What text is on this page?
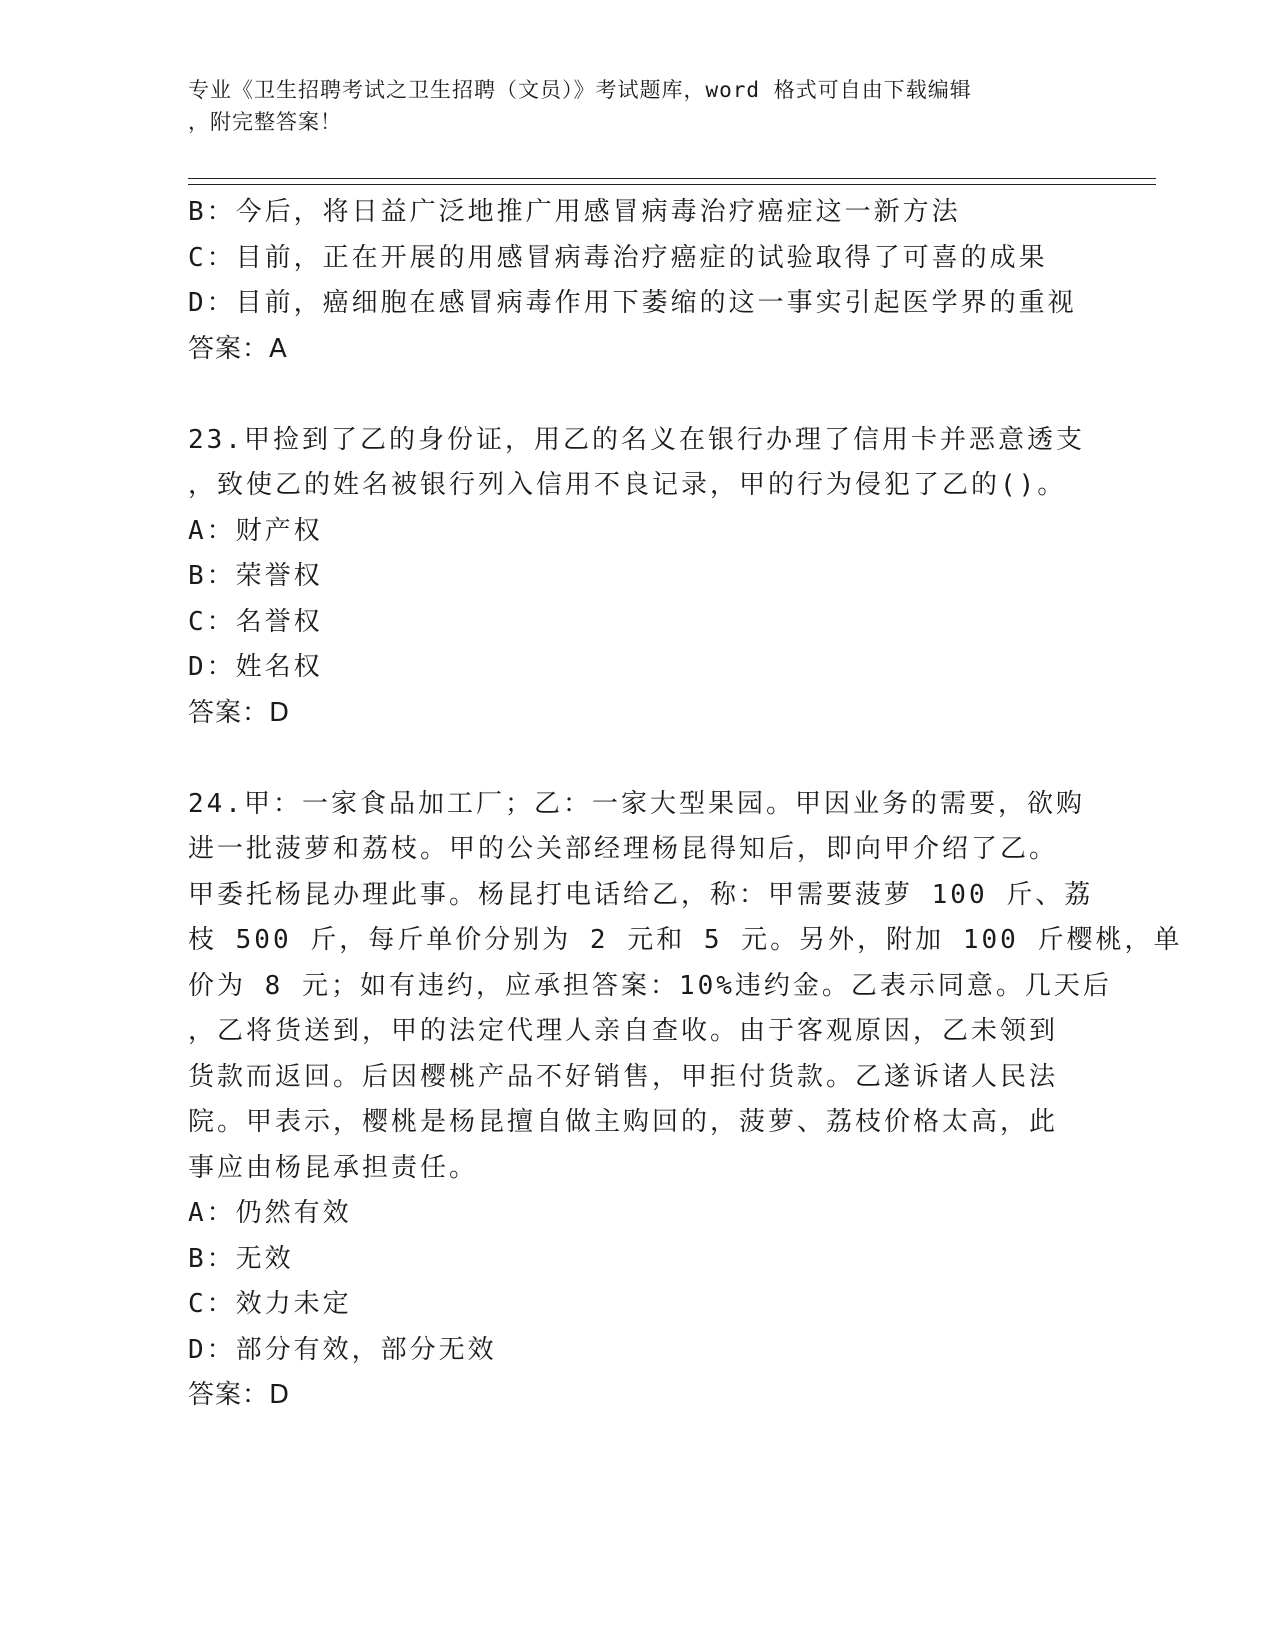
专业《卫生招聘考试之卫生招聘（文员）》考试题库，word 格式可自由下载编辑
，附完整答案！
B：今后，将日益广泛地推广用感冒病毒治疗癌症这一新方法
C：目前，正在开展的用感冒病毒治疗癌症的试验取得了可喜的成果
D：目前，癌细胞在感冒病毒作用下萎缩的这一事实引起医学界的重视
答案：A
23.甲捡到了乙的身份证，用乙的名义在银行办理了信用卡并恶意透支
，致使乙的姓名被银行列入信用不良记录，甲的行为侵犯了乙的()。
A：财产权
B：荣誉权
C：名誉权
D：姓名权
答案：D
24.甲：一家食品加工厂；乙：一家大型果园。甲因业务的需要，欲购
进一批菠萝和荔枝。甲的公关部经理杨昆得知后，即向甲介绍了乙。
甲委托杨昆办理此事。杨昆打电话给乙，称：甲需要菠萝 100 斤、荔
枝 500 斤，每斤单价分别为 2 元和 5 元。另外，附加 100 斤樱桃，单
价为 8 元；如有违约，应承担答案：10%违约金。乙表示同意。几天后
，乙将货送到，甲的法定代理人亲自查收。由于客观原因，乙未领到
货款而返回。后因樱桃产品不好销售，甲拒付货款。乙遂诉诸人民法
院。甲表示，樱桃是杨昆擅自做主购回的，菠萝、荔枝价格太高，此
事应由杨昆承担责任。
A：仍然有效
B：无效
C：效力未定
D：部分有效，部分无效
答案：D
